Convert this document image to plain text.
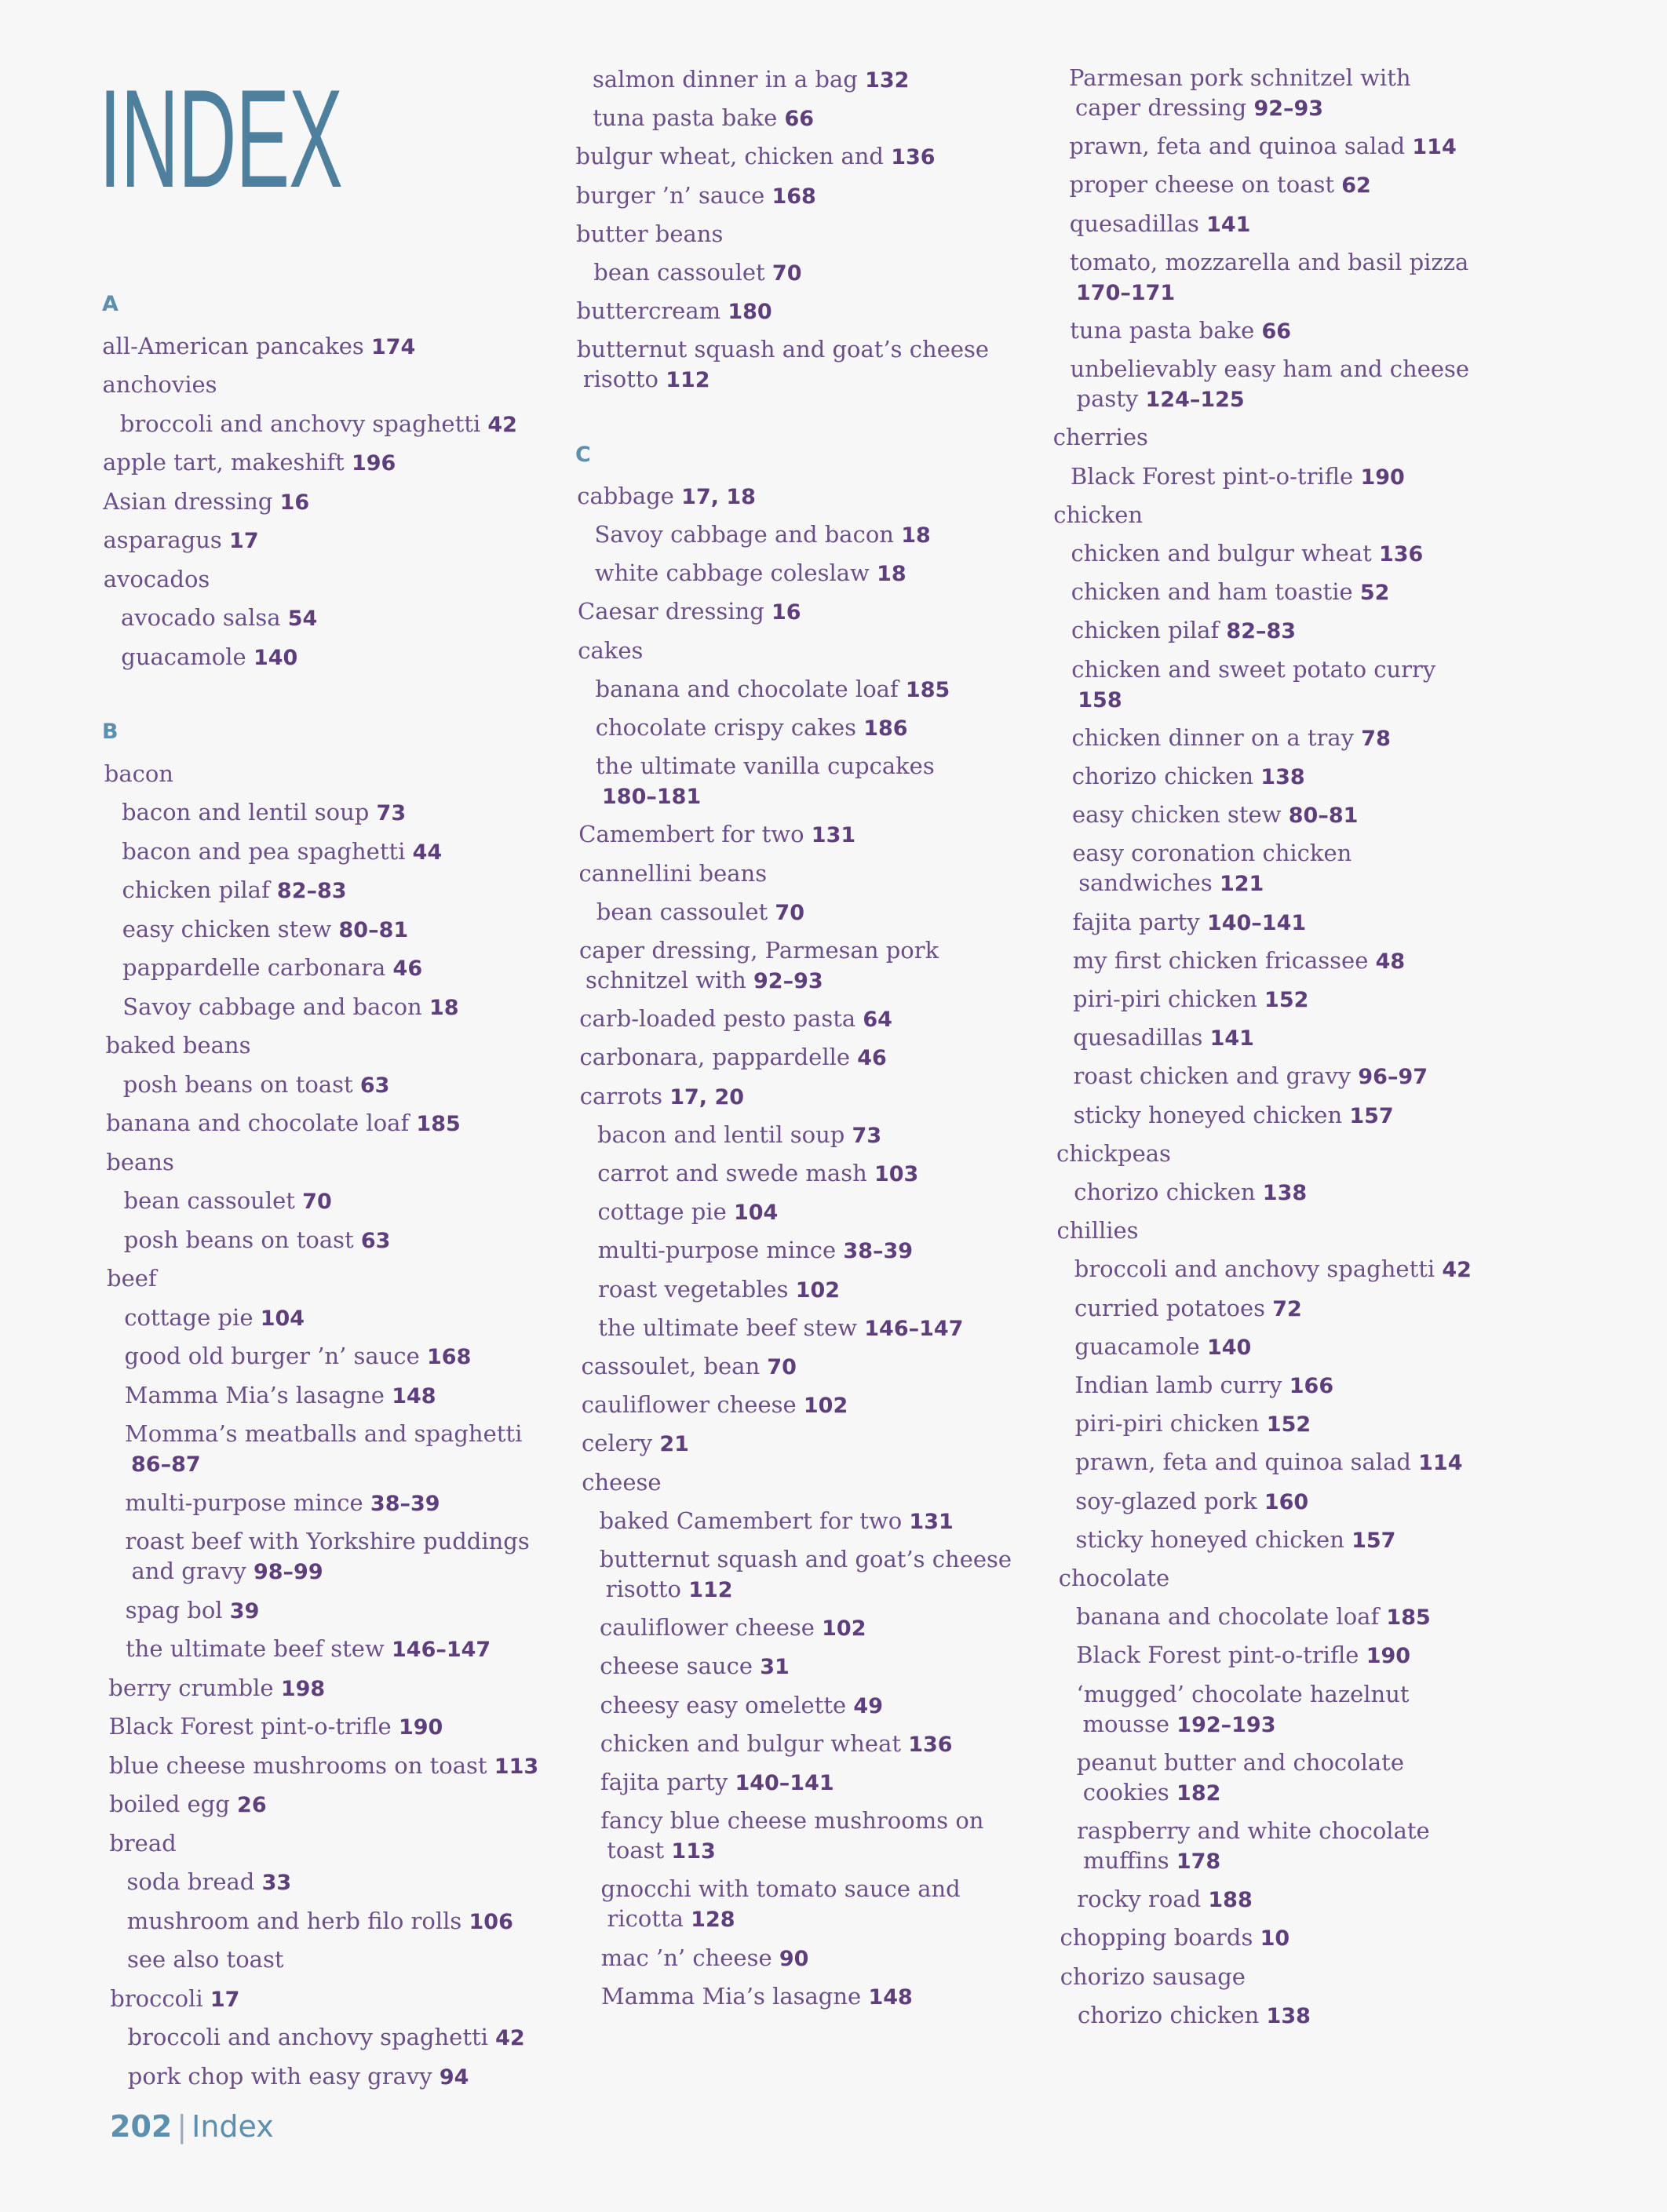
INDEX
A
all-American pancakes 174
anchovies
broccoli and anchovy spaghetti 42
apple tart, makeshift 196
Asian dressing 16
asparagus 17
avocados
avocado salsa 54
guacamole 140
B
bacon
bacon and lentil soup 73
bacon and pea spaghetti 44
chicken pilaf 82–83
easy chicken stew 80–81
pappardelle carbonara 46
Savoy cabbage and bacon 18
baked beans
posh beans on toast 63
banana and chocolate loaf 185
beans
bean cassoulet 70
posh beans on toast 63
beef
cottage pie 104
good old burger ’n’ sauce 168
Mamma Mia’s lasagne 148
Momma’s meatballs and spaghetti
86–87
multi-purpose mince 38–39
roast beef with Yorkshire puddings
and gravy 98–99
spag bol 39
the ultimate beef stew 146–147
berry crumble 198
Black Forest pint-o-trifle 190
blue cheese mushrooms on toast 113
boiled egg 26
bread
soda bread 33
mushroom and herb filo rolls 106
see also toast
broccoli 17
broccoli and anchovy spaghetti 42
pork chop with easy gravy 94
salmon dinner in a bag 132
tuna pasta bake 66
bulgur wheat, chicken and 136
burger ’n’ sauce 168
butter beans
bean cassoulet 70
buttercream 180
butternut squash and goat’s cheese
risotto 112
C
cabbage 17, 18
Savoy cabbage and bacon 18
white cabbage coleslaw 18
Caesar dressing 16
cakes
banana and chocolate loaf 185
chocolate crispy cakes 186
the ultimate vanilla cupcakes
180–181
Camembert for two 131
cannellini beans
bean cassoulet 70
caper dressing, Parmesan pork
schnitzel with 92–93
carb-loaded pesto pasta 64
carbonara, pappardelle 46
carrots 17, 20
bacon and lentil soup 73
carrot and swede mash 103
cottage pie 104
multi-purpose mince 38–39
roast vegetables 102
the ultimate beef stew 146–147
cassoulet, bean 70
cauliflower cheese 102
celery 21
cheese
baked Camembert for two 131
butternut squash and goat’s cheese
risotto 112
cauliflower cheese 102
cheese sauce 31
cheesy easy omelette 49
chicken and bulgur wheat 136
fajita party 140–141
fancy blue cheese mushrooms on
toast 113
gnocchi with tomato sauce and
ricotta 128
mac ’n’ cheese 90
Mamma Mia’s lasagne 148
Parmesan pork schnitzel with
caper dressing 92–93
prawn, feta and quinoa salad 114
proper cheese on toast 62
quesadillas 141
tomato, mozzarella and basil pizza
170–171
tuna pasta bake 66
unbelievably easy ham and cheese
pasty 124–125
cherries
Black Forest pint-o-trifle 190
chicken
chicken and bulgur wheat 136
chicken and ham toastie 52
chicken pilaf 82–83
chicken and sweet potato curry
158
chicken dinner on a tray 78
chorizo chicken 138
easy chicken stew 80–81
easy coronation chicken
sandwiches 121
fajita party 140–141
my first chicken fricassee 48
piri-piri chicken 152
quesadillas 141
roast chicken and gravy 96–97
sticky honeyed chicken 157
chickpeas
chorizo chicken 138
chillies
broccoli and anchovy spaghetti 42
curried potatoes 72
guacamole 140
Indian lamb curry 166
piri-piri chicken 152
prawn, feta and quinoa salad 114
soy-glazed pork 160
sticky honeyed chicken 157
chocolate
banana and chocolate loaf 185
Black Forest pint-o-trifle 190
‘mugged’ chocolate hazelnut
mousse 192–193
peanut butter and chocolate
cookies 182
raspberry and white chocolate
muffins 178
rocky road 188
chopping boards 10
chorizo sausage
chorizo chicken 138
202 | Index
